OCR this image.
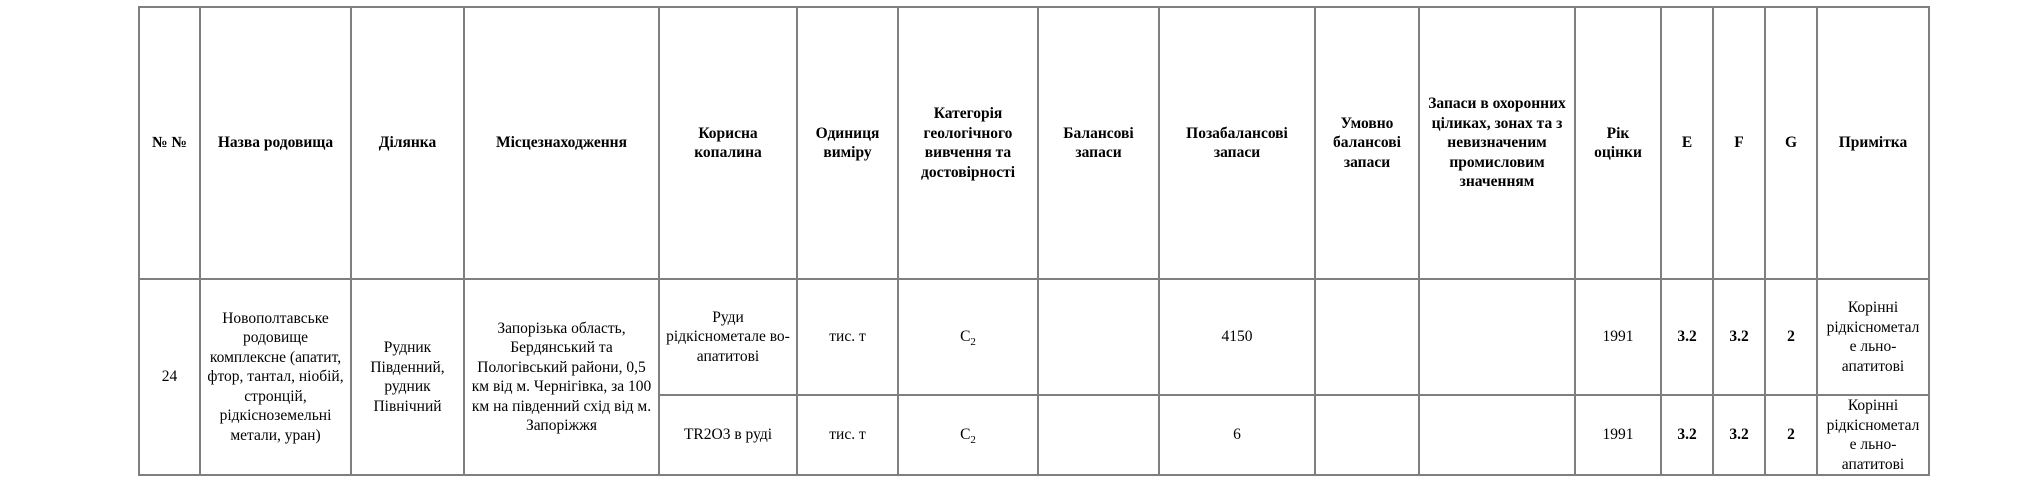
№ №	Назва родовища	Ділянка	Місцезнаходження	Корисна копалина	Одиниця виміру	Категорія геологічного вивчення та достовірності	Балансові запаси	Позабалансові запаси	Умовно балансові запаси	Запаси в охоронних ціликах, зонах та з невизначеним промисловим значенням	Рік оцінки	E	F	G	Примітка
24	Новополтавське родовище комплексне (апатит, фтор, тантал, ніобій, стронцій, рідкісноземельні метали, уран)	Рудник Південний, рудник Північний	Запорізька область, Бердянський та Пологівський райони, 0,5 км від м. Чернігівка, за 100 км на південний схід від м. Запоріжжя	Руди рідкіснометале во-апатитові	тис. т	$C_2$		4150			1991	3.2	3.2	2	Корінні рідкіснометале льно-апатитові
				TR2O3 в руді	тис. т	$C_2$		6			1991	3.2	3.2	2	Корінні рідкіснометале льно-апатитові
